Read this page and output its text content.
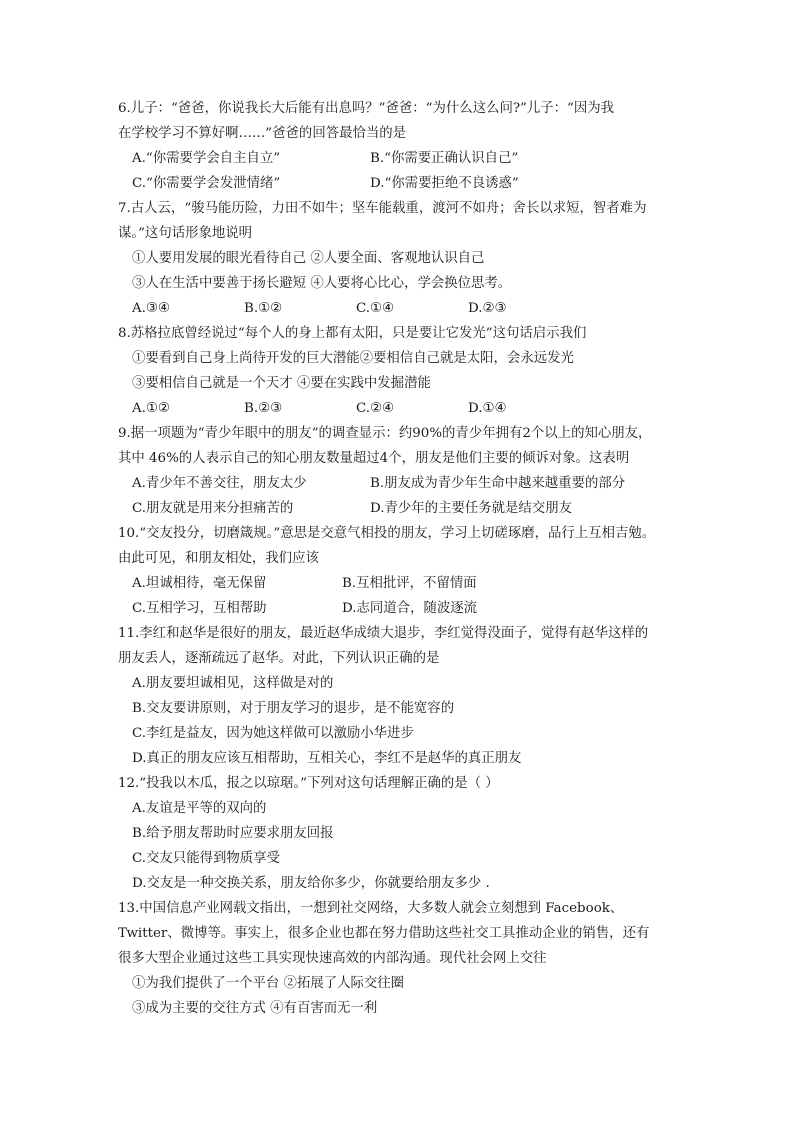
6.儿子：“爸爸，你说我长大后能有出息吗？”爸爸：“为什么这么问?”儿子：“因为我
在学校学习不算好啊……”爸爸的回答最恰当的是
A.“你需要学会自主自立”	B.“你需要正确认识自己”
C.“你需要学会发泄情绪”	D.“你需要拒绝不良诱惑”
7.古人云，“骏马能历险，力田不如牛；坚车能载重，渡河不如舟；舍长以求短，智者难为
谋。”这句话形象地说明
①人要用发展的眼光看待自己 ②人要全面、客观地认识自己
③人在生活中要善于扬长避短 ④人要将心比心，学会换位思考。
A.③④	B.①②	C.①④	D.②③
8.苏格拉底曾经说过“每个人的身上都有太阳，只是要让它发光”这句话启示我们
①要看到自己身上尚待开发的巨大潜能②要相信自己就是太阳，会永远发光
③要相信自己就是一个天才 ④要在实践中发掘潜能
A.①②	B.②③	C.②④	D.①④
9.据一项题为“青少年眼中的朋友”的调查显示：约90%的青少年拥有2个以上的知心朋友，
其中 46%的人表示自己的知心朋友数量超过4个，朋友是他们主要的倾诉对象。这表明
A.青少年不善交往，朋友太少	B.朋友成为青少年生命中越来越重要的部分
C.朋友就是用来分担痛苦的	D.青少年的主要任务就是结交朋友
10.“交友投分，切磨箴规。”意思是交意气相投的朋友，学习上切磋琢磨，品行上互相吉勉。
由此可见，和朋友相处，我们应该
A.坦诚相待，毫无保留	B.互相批评，不留情面
C.互相学习，互相帮助	D.志同道合，随波逐流
11.李红和赵华是很好的朋友，最近赵华成绩大退步，李红觉得没面子，觉得有赵华这样的
朋友丢人，逐渐疏远了赵华。对此，下列认识正确的是
A.朋友要坦诚相见，这样做是对的
B.交友要讲原则，对于朋友学习的退步，是不能宽容的
C.李红是益友，因为她这样做可以激励小华进步
D.真正的朋友应该互相帮助，互相关心，李红不是赵华的真正朋友
12.“投我以木瓜，报之以琼琚。”下列对这句话理解正确的是（ ）
A.友谊是平等的双向的
B.给予朋友帮助时应要求朋友回报
C.交友只能得到物质享受
D.交友是一种交换关系，朋友给你多少，你就要给朋友多少 .
13.中国信息产业网载文指出，一想到社交网络，大多数人就会立刻想到 Facebook、
Twitter、微博等。事实上，很多企业也都在努力借助这些社交工具推动企业的销售，还有
很多大型企业通过这些工具实现快速高效的内部沟通。现代社会网上交往
①为我们提供了一个平台 ②拓展了人际交往圈
③成为主要的交往方式 ④有百害而无一利
